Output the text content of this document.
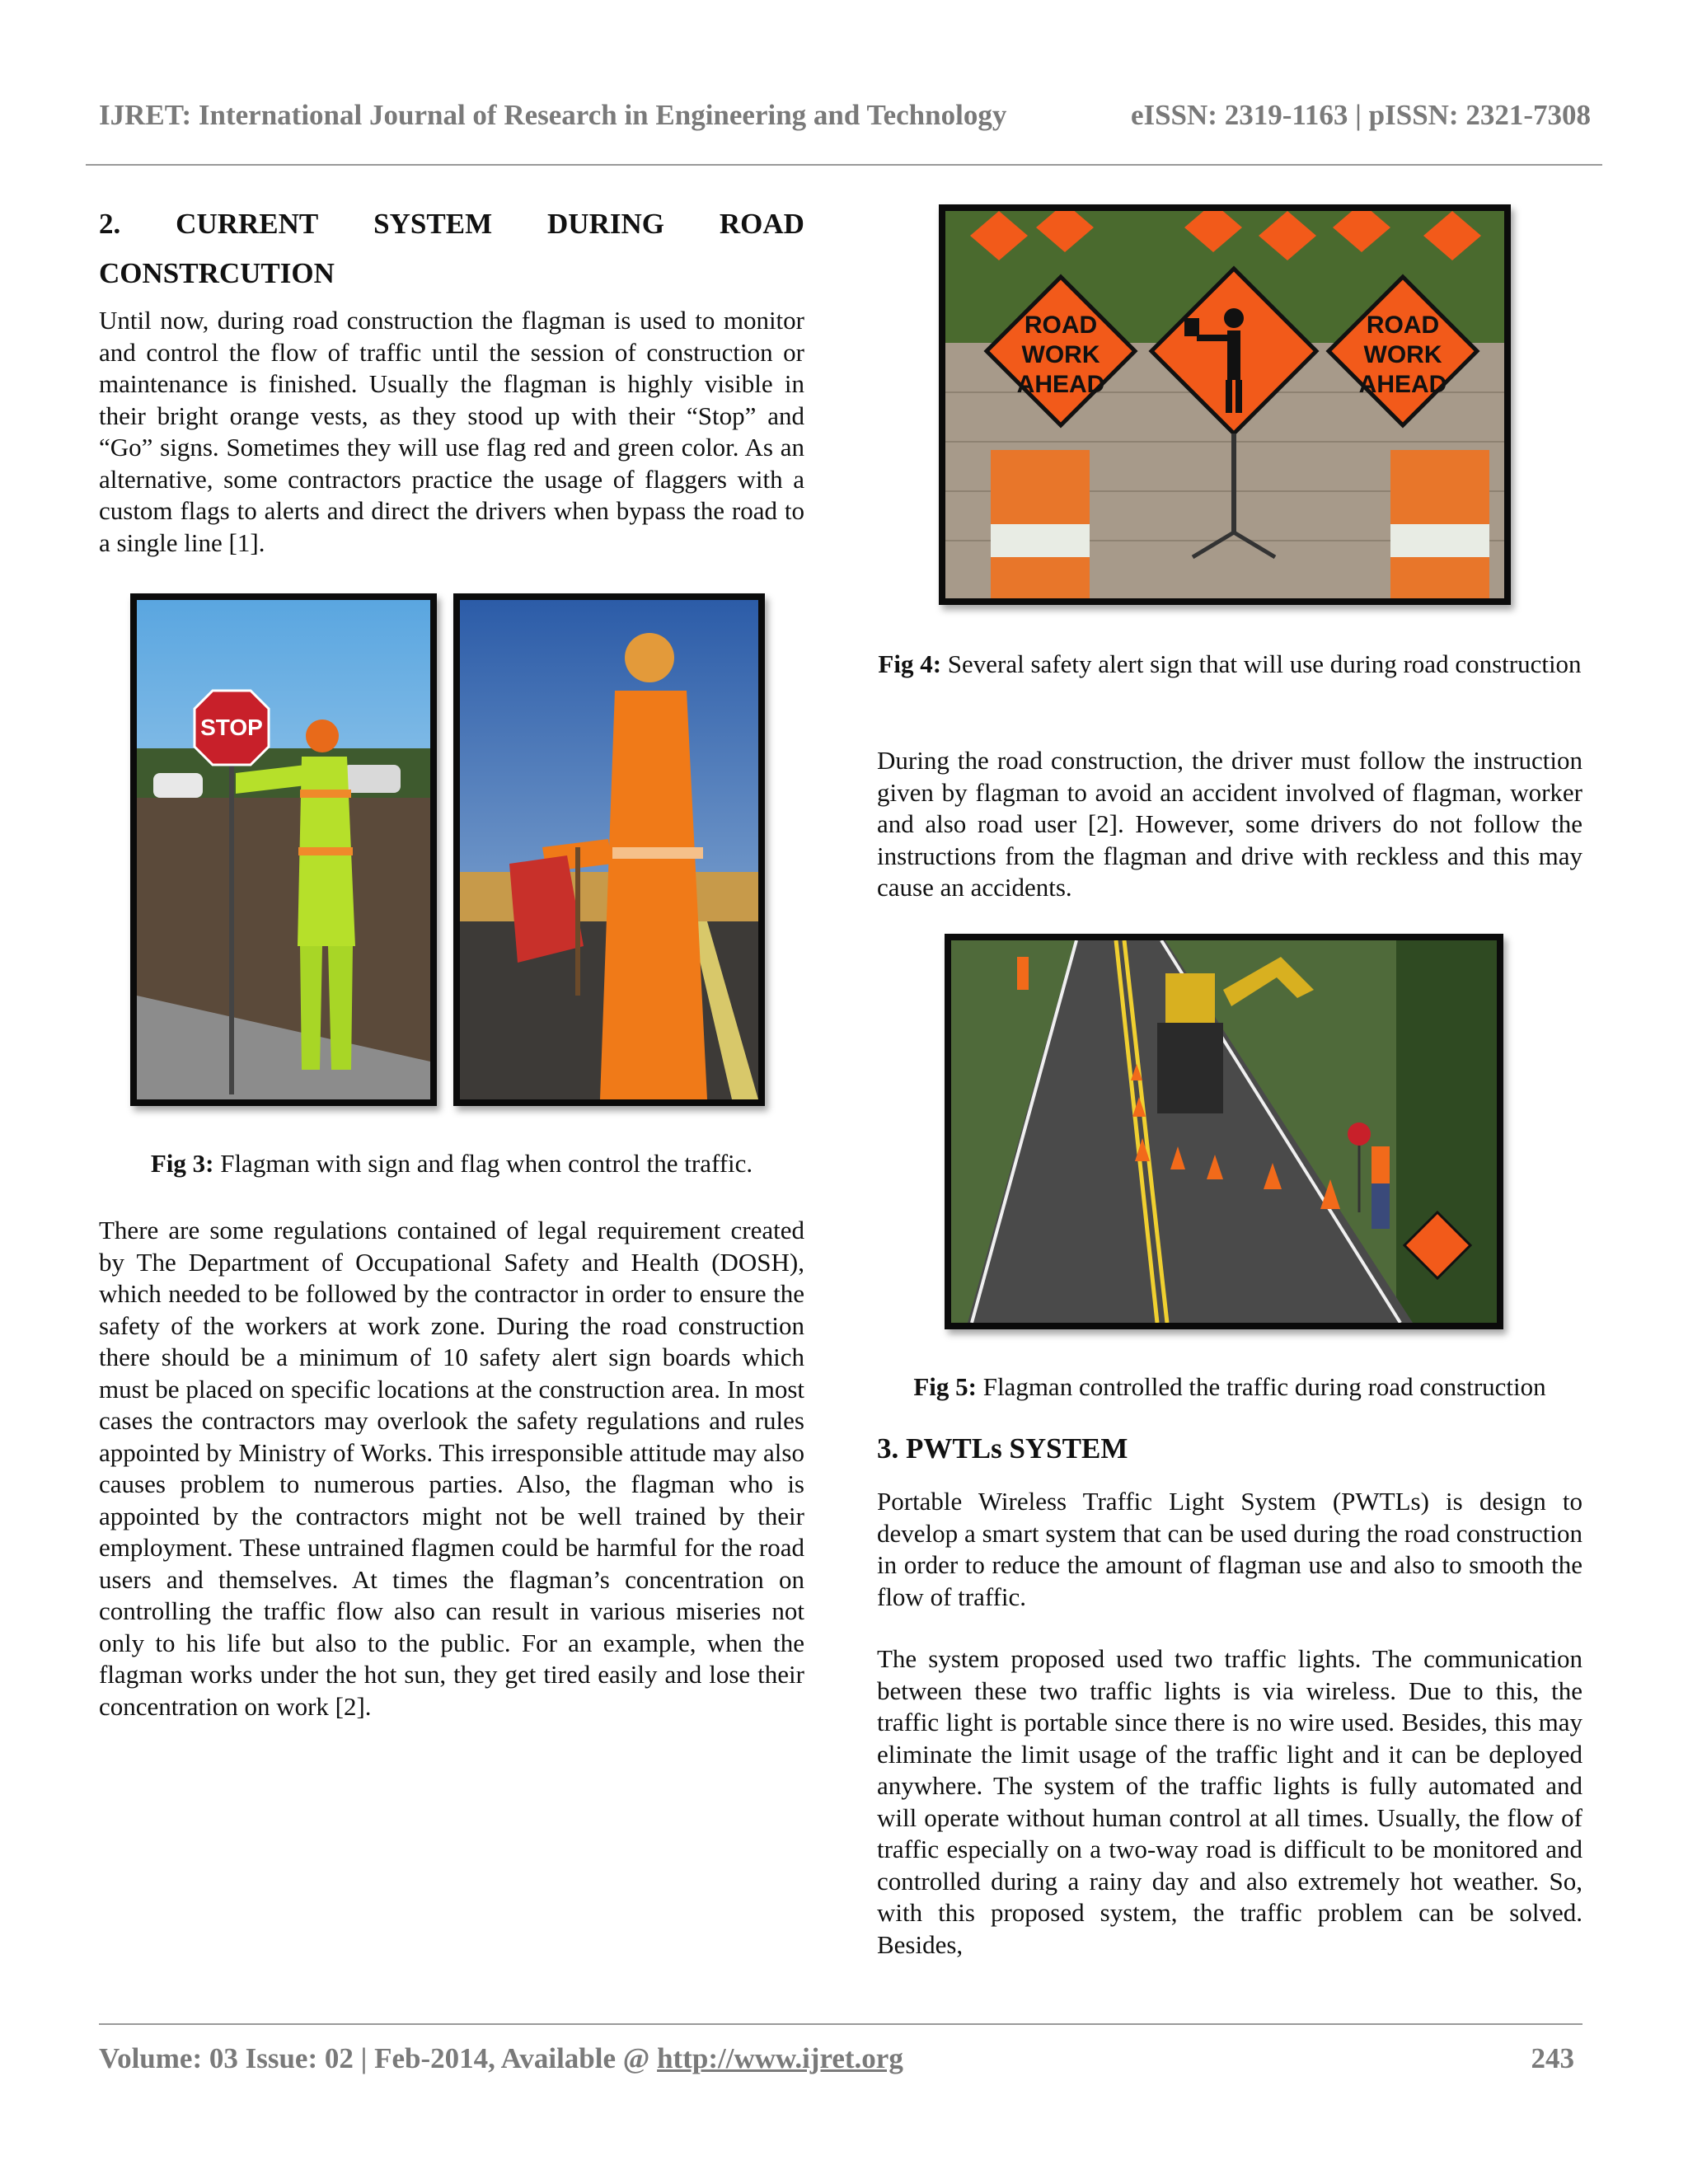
IJRET: International Journal of Research in Engineering and Technology	eISSN: 2319-1163 | pISSN: 2321-7308
2. CURRENT SYSTEM DURING ROAD
CONSTRCUTION

Until now, during road construction the flagman is used to monitor and control the flow of traffic until the session of construction or maintenance is finished. Usually the flagman is highly visible in their bright orange vests, as they stood up with their “Stop” and “Go” signs. Sometimes they will use flag red and green color. As an alternative, some contractors practice the usage of flaggers with a custom flags to alerts and direct the drivers when bypass the road to a single line [1].

STOP
Fig 3: Flagman with sign and flag when control the traffic.

There are some regulations contained of legal requirement created by The Department of Occupational Safety and Health (DOSH), which needed to be followed by the contractor in order to ensure the safety of the workers at work zone. During the road construction there should be a minimum of 10 safety alert sign boards which must be placed on specific locations at the construction area. In most cases the contractors may overlook the safety regulations and rules appointed by Ministry of Works. This irresponsible attitude may also causes problem to numerous parties. Also, the flagman who is appointed by the contractors might not be well trained by their employment. These untrained flagmen could be harmful for the road users and themselves. At times the flagman’s concentration on controlling the traffic flow also can result in various miseries not only to his life but also to the public. For an example, when the flagman works under the hot sun, they get tired easily and lose their concentration on work [2].

ROAD
WORK
AHEAD
ROAD
WORK
AHEAD
Fig 4: Several safety alert sign that will use during road construction

During the road construction, the driver must follow the instruction given by flagman to avoid an accident involved of flagman, worker and also road user [2]. However, some drivers do not follow the instructions from the flagman and drive with reckless and this may cause an accidents.

Fig 5: Flagman controlled the traffic during road construction
3. PWTLs SYSTEM

Portable Wireless Traffic Light System (PWTLs) is design to develop a smart system that can be used during the road construction in order to reduce the amount of flagman use and also to smooth the flow of traffic.

The system proposed used two traffic lights. The communication between these two traffic lights is via wireless. Due to this, the traffic light is portable since there is no wire used. Besides, this may eliminate the limit usage of the traffic light and it can be deployed anywhere. The system of the traffic lights is fully automated and will operate without human control at all times. Usually, the flow of traffic especially on a two-way road is difficult to be monitored and controlled during a rainy day and also extremely hot weather. So, with this proposed system, the traffic problem can be solved. Besides,

Volume: 03 Issue: 02 | Feb-2014, Available @ http://www.ijret.org	243
